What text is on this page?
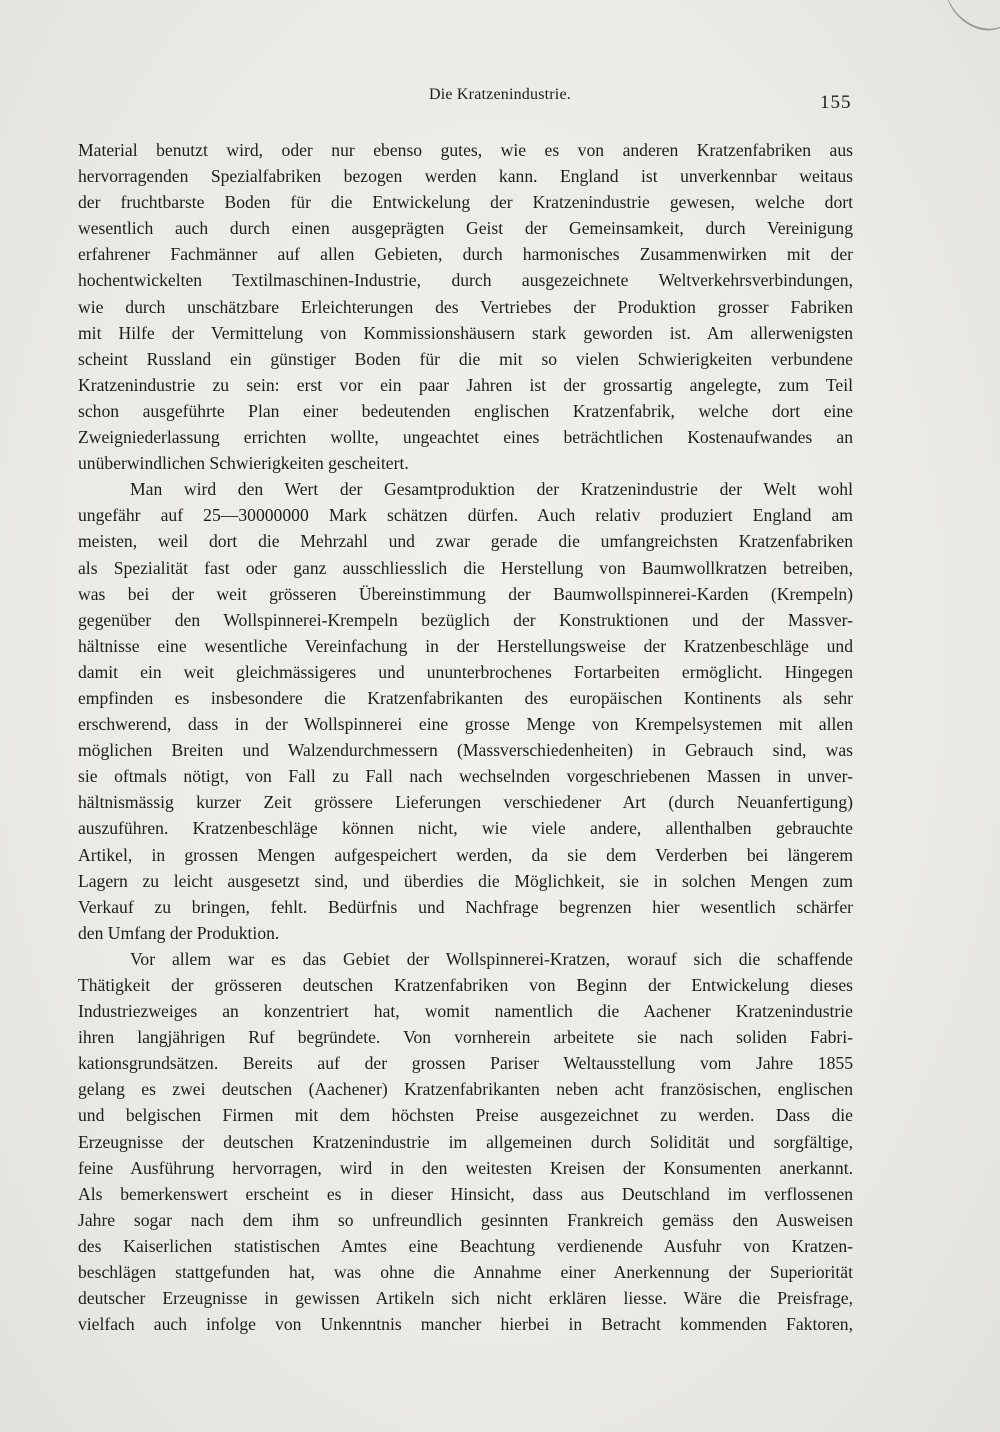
Die Kratzenindustrie.	155
Material benutzt wird, oder nur ebenso gutes, wie es von anderen Kratzenfabriken aus
hervorragenden Spezialfabriken bezogen werden kann. England ist unverkennbar weitaus
der fruchtbarste Boden für die Entwickelung der Kratzenindustrie gewesen, welche dort
wesentlich auch durch einen ausgeprägten Geist der Gemeinsamkeit, durch Vereinigung
erfahrener Fachmänner auf allen Gebieten, durch harmonisches Zusammenwirken mit der
hochentwickelten Textilmaschinen-Industrie, durch ausgezeichnete Weltverkehrsverbindungen,
wie durch unschätzbare Erleichterungen des Vertriebes der Produktion grosser Fabriken
mit Hilfe der Vermittelung von Kommissionshäusern stark geworden ist. Am allerwenigsten
scheint Russland ein günstiger Boden für die mit so vielen Schwierigkeiten verbundene
Kratzenindustrie zu sein: erst vor ein paar Jahren ist der grossartig angelegte, zum Teil
schon ausgeführte Plan einer bedeutenden englischen Kratzenfabrik, welche dort eine
Zweigniederlassung errichten wollte, ungeachtet eines beträchtlichen Kostenaufwandes an
unüberwindlichen Schwierigkeiten gescheitert.
Man wird den Wert der Gesamtproduktion der Kratzenindustrie der Welt wohl
ungefähr auf 25—30000000 Mark schätzen dürfen. Auch relativ produziert England am
meisten, weil dort die Mehrzahl und zwar gerade die umfangreichsten Kratzenfabriken
als Spezialität fast oder ganz ausschliesslich die Herstellung von Baumwollkratzen betreiben,
was bei der weit grösseren Übereinstimmung der Baumwollspinnerei-Karden (Krempeln)
gegenüber den Wollspinnerei-Krempeln bezüglich der Konstruktionen und der Massver-
hältnisse eine wesentliche Vereinfachung in der Herstellungsweise der Kratzenbeschläge und
damit ein weit gleichmässigeres und ununterbrochenes Fortarbeiten ermöglicht. Hingegen
empfinden es insbesondere die Kratzenfabrikanten des europäischen Kontinents als sehr
erschwerend, dass in der Wollspinnerei eine grosse Menge von Krempelsystemen mit allen
möglichen Breiten und Walzendurchmessern (Massverschiedenheiten) in Gebrauch sind, was
sie oftmals nötigt, von Fall zu Fall nach wechselnden vorgeschriebenen Massen in unver-
hältnismässig kurzer Zeit grössere Lieferungen verschiedener Art (durch Neuanfertigung)
auszuführen. Kratzenbeschläge können nicht, wie viele andere, allenthalben gebrauchte
Artikel, in grossen Mengen aufgespeichert werden, da sie dem Verderben bei längerem
Lagern zu leicht ausgesetzt sind, und überdies die Möglichkeit, sie in solchen Mengen zum
Verkauf zu bringen, fehlt. Bedürfnis und Nachfrage begrenzen hier wesentlich schärfer
den Umfang der Produktion.
Vor allem war es das Gebiet der Wollspinnerei-Kratzen, worauf sich die schaffende
Thätigkeit der grösseren deutschen Kratzenfabriken von Beginn der Entwickelung dieses
Industriezweiges an konzentriert hat, womit namentlich die Aachener Kratzenindustrie
ihren langjährigen Ruf begründete. Von vornherein arbeitete sie nach soliden Fabri-
kationsgrundsätzen. Bereits auf der grossen Pariser Weltausstellung vom Jahre 1855
gelang es zwei deutschen (Aachener) Kratzenfabrikanten neben acht französischen, englischen
und belgischen Firmen mit dem höchsten Preise ausgezeichnet zu werden. Dass die
Erzeugnisse der deutschen Kratzenindustrie im allgemeinen durch Solidität und sorgfältige,
feine Ausführung hervorragen, wird in den weitesten Kreisen der Konsumenten anerkannt.
Als bemerkenswert erscheint es in dieser Hinsicht, dass aus Deutschland im verflossenen
Jahre sogar nach dem ihm so unfreundlich gesinnten Frankreich gemäss den Ausweisen
des Kaiserlichen statistischen Amtes eine Beachtung verdienende Ausfuhr von Kratzen-
beschlägen stattgefunden hat, was ohne die Annahme einer Anerkennung der Superiorität
deutscher Erzeugnisse in gewissen Artikeln sich nicht erklären liesse. Wäre die Preisfrage,
vielfach auch infolge von Unkenntnis mancher hierbei in Betracht kommenden Faktoren,
